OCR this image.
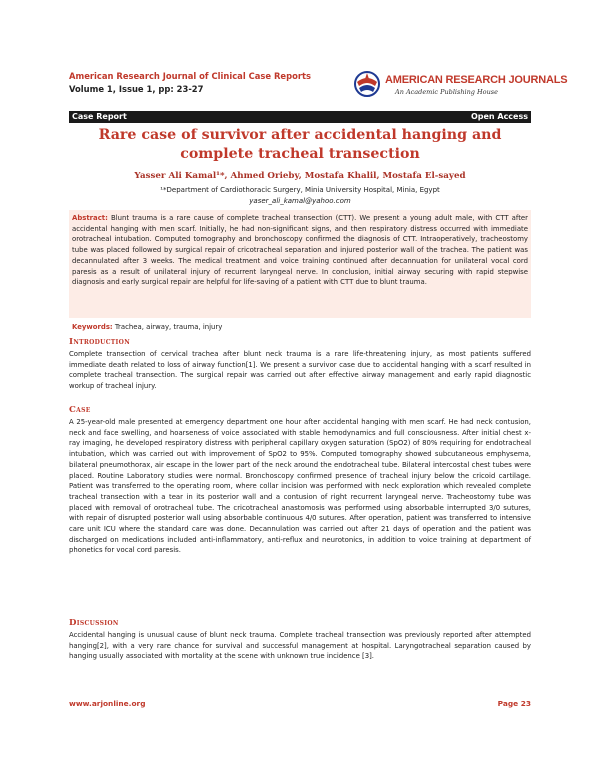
American Research Journal of Clinical Case Reports
Volume 1, Issue 1, pp: 23-27
AMERICAN RESEARCH JOURNALS
An Academic Publishing House
Case Report	Open Access
Rare case of survivor after accidental hanging and complete tracheal transection
Yasser Ali Kamal¹*, Ahmed Orieby, Mostafa Khalil, Mostafa El-sayed
¹*Department of Cardiothoracic Surgery, Minia University Hospital, Minia, Egypt
yaser_ali_kamal@yahoo.com

Abstract: Blunt trauma is a rare cause of complete tracheal transection (CTT). We present a young adult male, with CTT after accidental hanging with men scarf. Initially, he had non-significant signs, and then respiratory distress occurred with immediate orotracheal intubation. Computed tomography and bronchoscopy confirmed the diagnosis of CTT. Intraoperatively, tracheostomy tube was placed followed by surgical repair of cricotracheal separation and injured posterior wall of the trachea. The patient was decannulated after 3 weeks. The medical treatment and voice training continued after decannuation for unilateral vocal cord paresis as a result of unilateral injury of recurrent laryngeal nerve. In conclusion, initial airway securing with rapid stepwise diagnosis and early surgical repair are helpful for life-saving of a patient with CTT due to blunt trauma.

Keywords: Trachea, airway, trauma, injury
Introduction

Complete transection of cervical trachea after blunt neck trauma is a rare life-threatening injury, as most patients suffered immediate death related to loss of airway function[1]. We present a survivor case due to accidental hanging with a scarf resulted in complete tracheal transection. The surgical repair was carried out after effective airway management and early rapid diagnostic workup of tracheal injury.

Case

A 25-year-old male presented at emergency department one hour after accidental hanging with men scarf. He had neck contusion, neck and face swelling, and hoarseness of voice associated with stable hemodynamics and full consciousness. After initial chest x-ray imaging, he developed respiratory distress with peripheral capillary oxygen saturation (SpO2) of 80% requiring for endotracheal intubation, which was carried out with improvement of SpO2 to 95%. Computed tomography showed subcutaneous emphysema, bilateral pneumothorax, air escape in the lower part of the neck around the endotracheal tube. Bilateral intercostal chest tubes were placed. Routine Laboratory studies were normal. Bronchoscopy confirmed presence of tracheal injury below the cricoid cartilage. Patient was transferred to the operating room, where collar incision was performed with neck exploration which revealed complete tracheal transection with a tear in its posterior wall and a contusion of right recurrent laryngeal nerve. Tracheostomy tube was placed with removal of orotracheal tube. The cricotracheal anastomosis was performed using absorbable interrupted 3/0 sutures, with repair of disrupted posterior wall using absorbable continuous 4/0 sutures. After operation, patient was transferred to intensive care unit ICU where the standard care was done. Decannulation was carried out after 21 days of operation and the patient was discharged on medications included anti-inflammatory, anti-reflux and neurotonics, in addition to voice training at department of phonetics for vocal cord paresis.

Discussion

Accidental hanging is unusual cause of blunt neck trauma. Complete tracheal transection was previously reported after attempted hanging[2], with a very rare chance for survival and successful management at hospital. Laryngotracheal separation caused by hanging usually associated with mortality at the scene with unknown true incidence [3].

www.arjonline.org	Page 23
